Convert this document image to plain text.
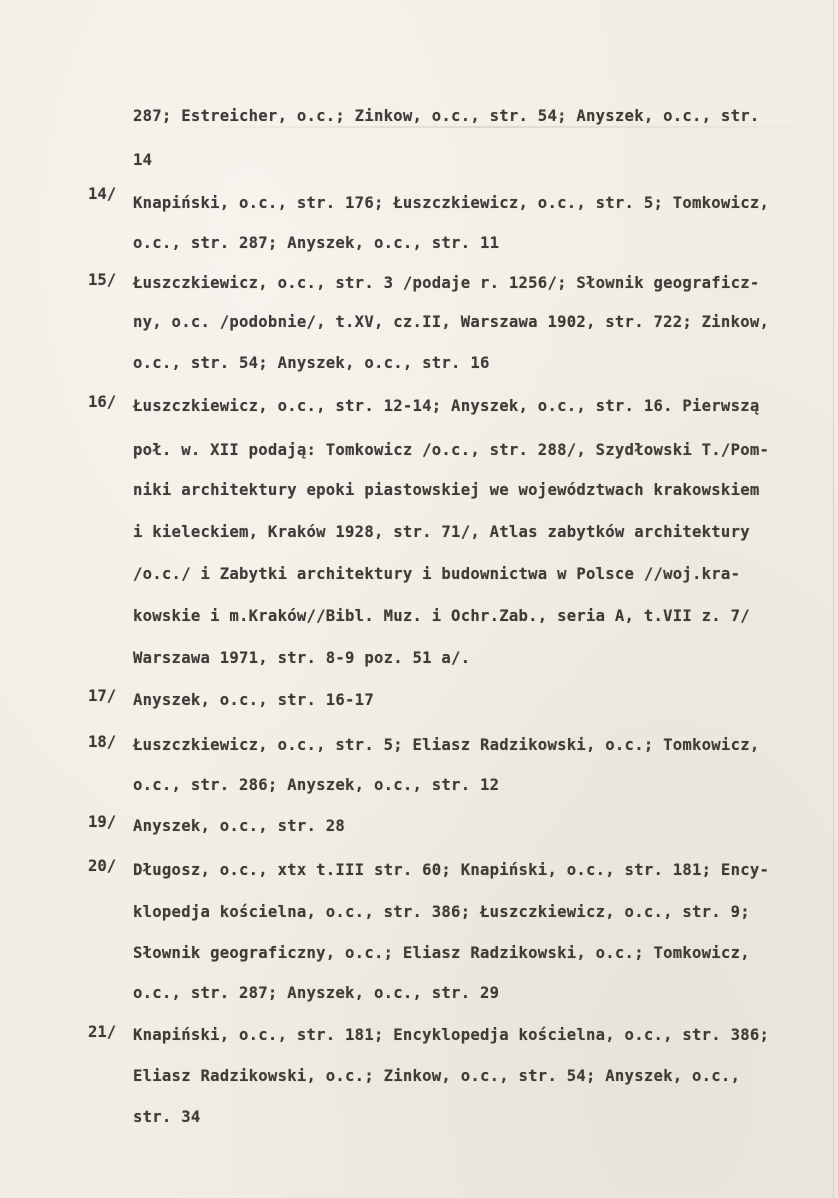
14/
15/
16/
17/
18/
19/
20/
21/
287; Estreicher, o.c.; Zinkow, o.c., str. 54; Anyszek, o.c., str.
14
Knapiński, o.c., str. 176; Łuszczkiewicz, o.c., str. 5; Tomkowicz,
o.c., str. 287; Anyszek, o.c., str. 11
Łuszczkiewicz, o.c., str. 3 /podaje r. 1256/; Słownik geograficz-
ny, o.c. /podobnie/, t.XV, cz.II, Warszawa 1902, str. 722; Zinkow,
o.c., str. 54; Anyszek, o.c., str. 16
Łuszczkiewicz, o.c., str. 12-14; Anyszek, o.c., str. 16. Pierwszą
poł. w. XII podają: Tomkowicz /o.c., str. 288/, Szydłowski T./Pom-
niki architektury epoki piastowskiej we województwach krakowskiem
i kieleckiem, Kraków 1928, str. 71/, Atlas zabytków architektury
/o.c./ i Zabytki architektury i budownictwa w Polsce //woj.kra-
kowskie i m.Kraków//Bibl. Muz. i Ochr.Zab., seria A, t.VII z. 7/
Warszawa 1971, str. 8-9 poz. 51 a/.
Anyszek, o.c., str. 16-17
Łuszczkiewicz, o.c., str. 5; Eliasz Radzikowski, o.c.; Tomkowicz,
o.c., str. 286; Anyszek, o.c., str. 12
Anyszek, o.c., str. 28
Długosz, o.c., xtx t.III str. 60; Knapiński, o.c., str. 181; Ency-
klopedja kościelna, o.c., str. 386; Łuszczkiewicz, o.c., str. 9;
Słownik geograficzny, o.c.; Eliasz Radzikowski, o.c.; Tomkowicz,
o.c., str. 287; Anyszek, o.c., str. 29
Knapiński, o.c., str. 181; Encyklopedja kościelna, o.c., str. 386;
Eliasz Radzikowski, o.c.; Zinkow, o.c., str. 54; Anyszek, o.c.,
str. 34
